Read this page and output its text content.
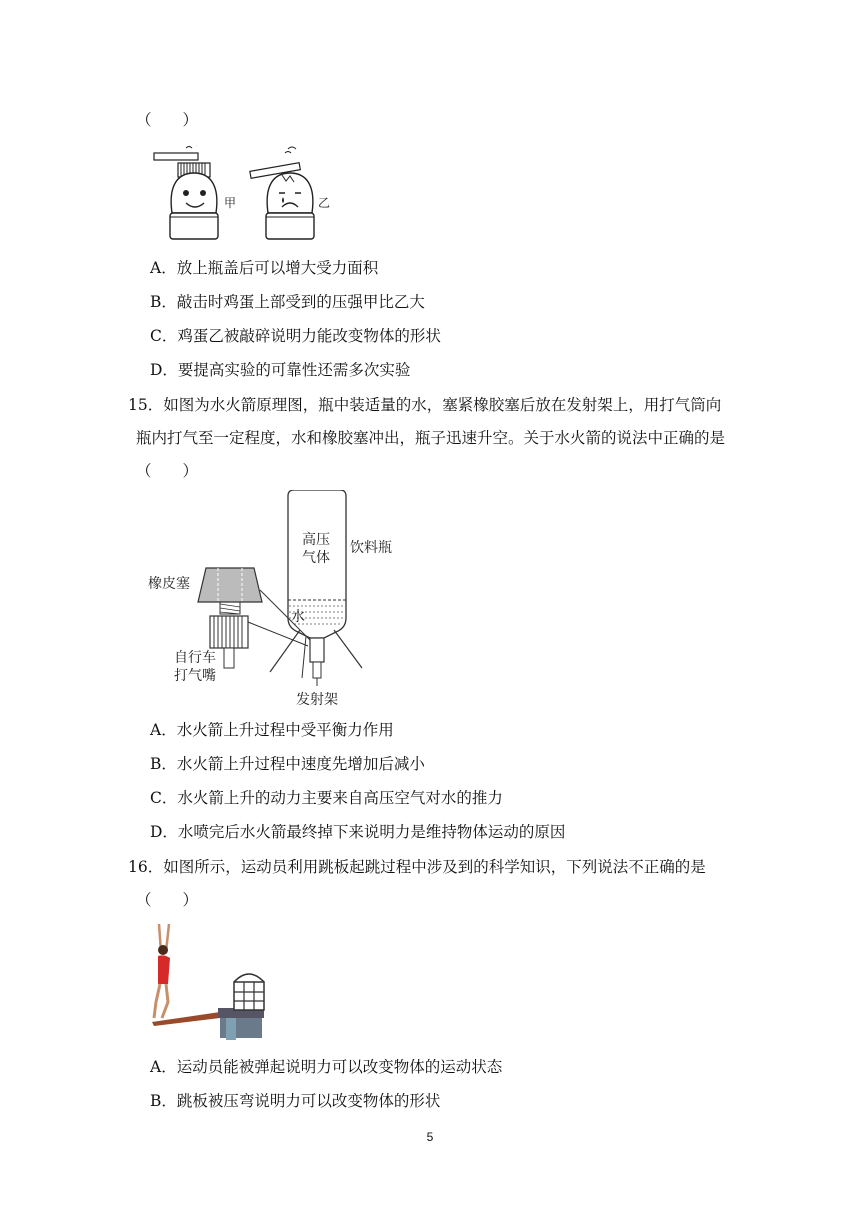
（　　）
甲	乙
A．放上瓶盖后可以增大受力面积
B．敲击时鸡蛋上部受到的压强甲比乙大
C．鸡蛋乙被敲碎说明力能改变物体的形状
D．要提高实验的可靠性还需多次实验
15．如图为水火箭原理图，瓶中装适量的水，塞紧橡胶塞后放在发射架上，用打气筒向
瓶内打气至一定程度，水和橡胶塞冲出，瓶子迅速升空。关于水火箭的说法中正确的是
（　　）
高压
气体
饮料瓶
水
发射架
橡皮塞
自行车
打气嘴
A．水火箭上升过程中受平衡力作用
B．水火箭上升过程中速度先增加后减小
C．水火箭上升的动力主要来自高压空气对水的推力
D．水喷完后水火箭最终掉下来说明力是维持物体运动的原因
16．如图所示，运动员利用跳板起跳过程中涉及到的科学知识，下列说法不正确的是
（　　）
A．运动员能被弹起说明力可以改变物体的运动状态
B．跳板被压弯说明力可以改变物体的形状
5
